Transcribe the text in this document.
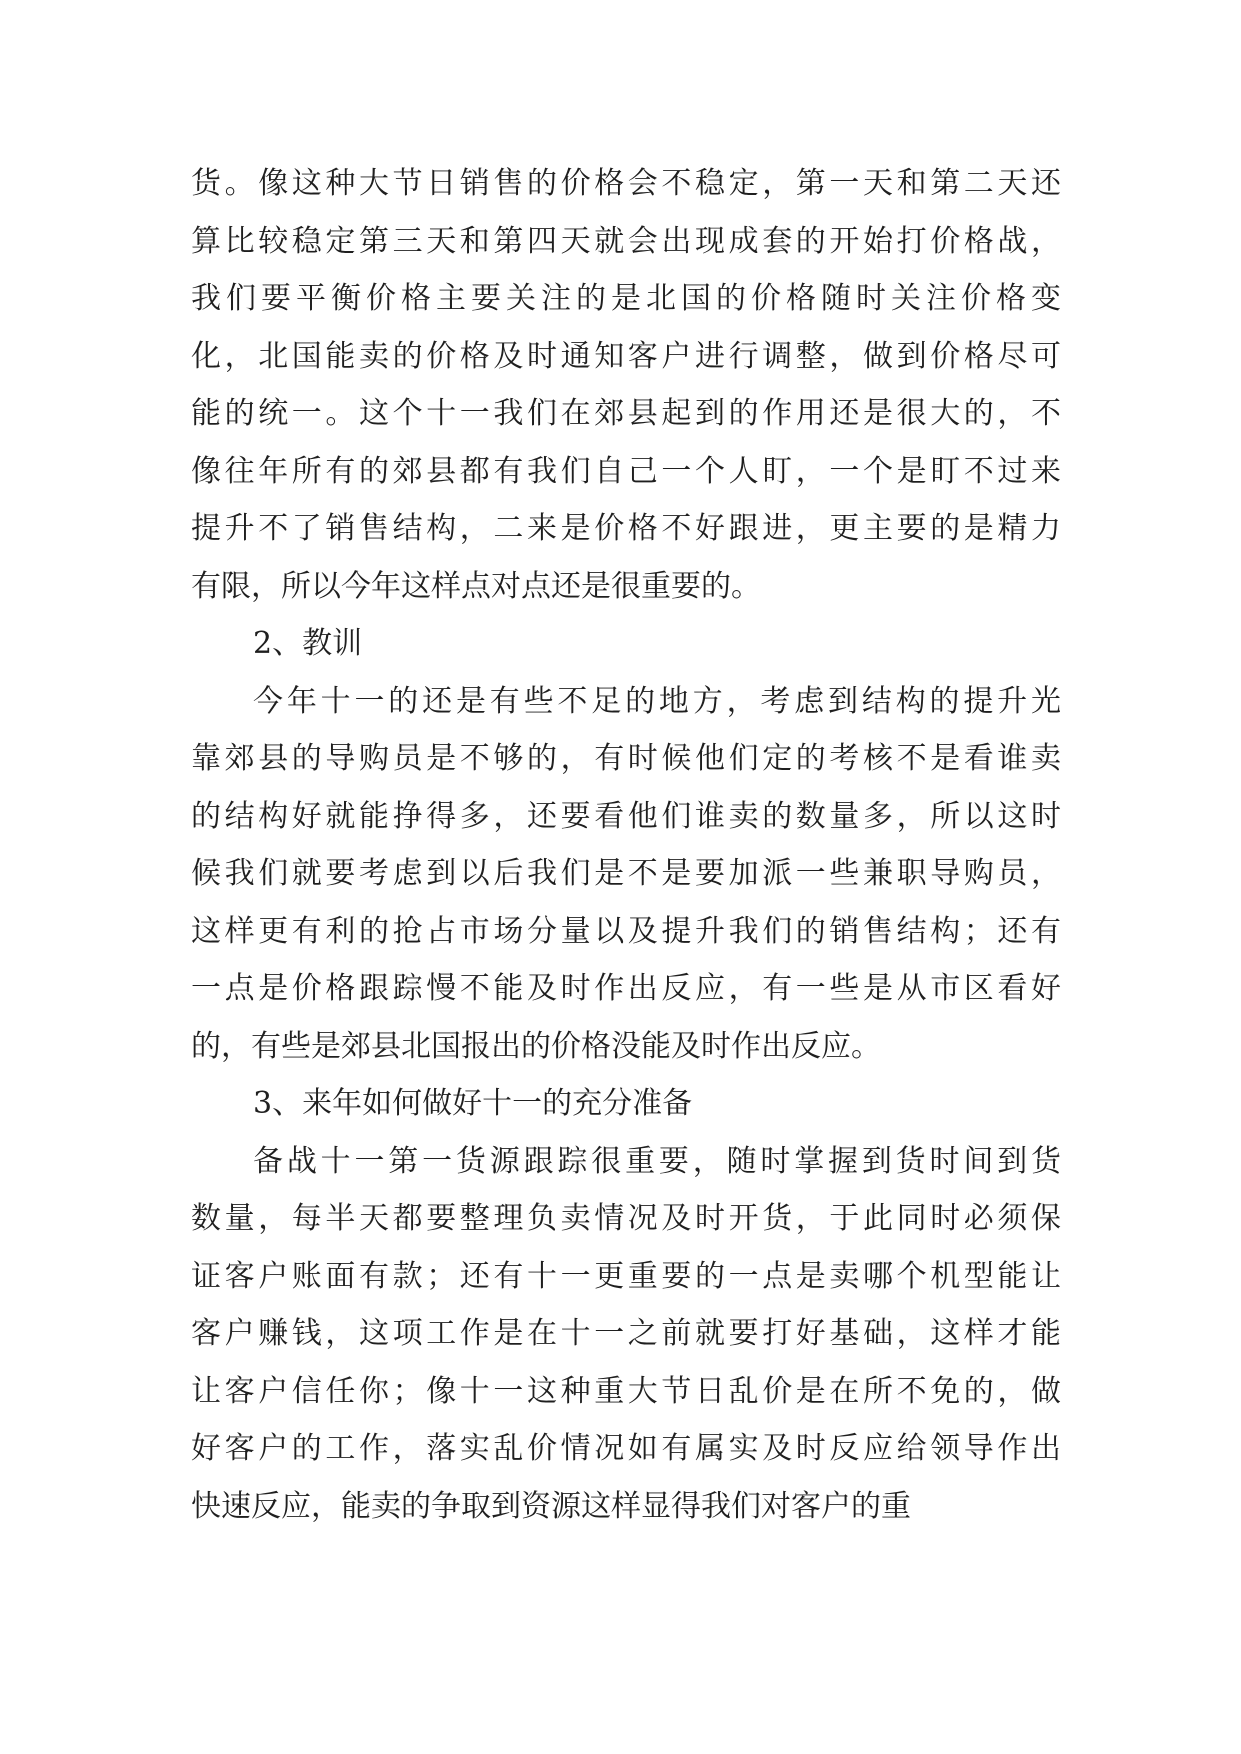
货。像这种大节日销售的价格会不稳定，第一天和第二天还
算比较稳定第三天和第四天就会出现成套的开始打价格战，
我们要平衡价格主要关注的是北国的价格随时关注价格变
化，北国能卖的价格及时通知客户进行调整，做到价格尽可
能的统一。这个十一我们在郊县起到的作用还是很大的，不
像往年所有的郊县都有我们自己一个人盯，一个是盯不过来
提升不了销售结构，二来是价格不好跟进，更主要的是精力
有限，所以今年这样点对点还是很重要的。
2、教训
今年十一的还是有些不足的地方，考虑到结构的提升光
靠郊县的导购员是不够的，有时候他们定的考核不是看谁卖
的结构好就能挣得多，还要看他们谁卖的数量多，所以这时
候我们就要考虑到以后我们是不是要加派一些兼职导购员，
这样更有利的抢占市场分量以及提升我们的销售结构；还有
一点是价格跟踪慢不能及时作出反应，有一些是从市区看好
的，有些是郊县北国报出的价格没能及时作出反应。
3、来年如何做好十一的充分准备
备战十一第一货源跟踪很重要，随时掌握到货时间到货
数量，每半天都要整理负卖情况及时开货，于此同时必须保
证客户账面有款；还有十一更重要的一点是卖哪个机型能让
客户赚钱，这项工作是在十一之前就要打好基础，这样才能
让客户信任你；像十一这种重大节日乱价是在所不免的，做
好客户的工作，落实乱价情况如有属实及时反应给领导作出
快速反应，能卖的争取到资源这样显得我们对客户的重
